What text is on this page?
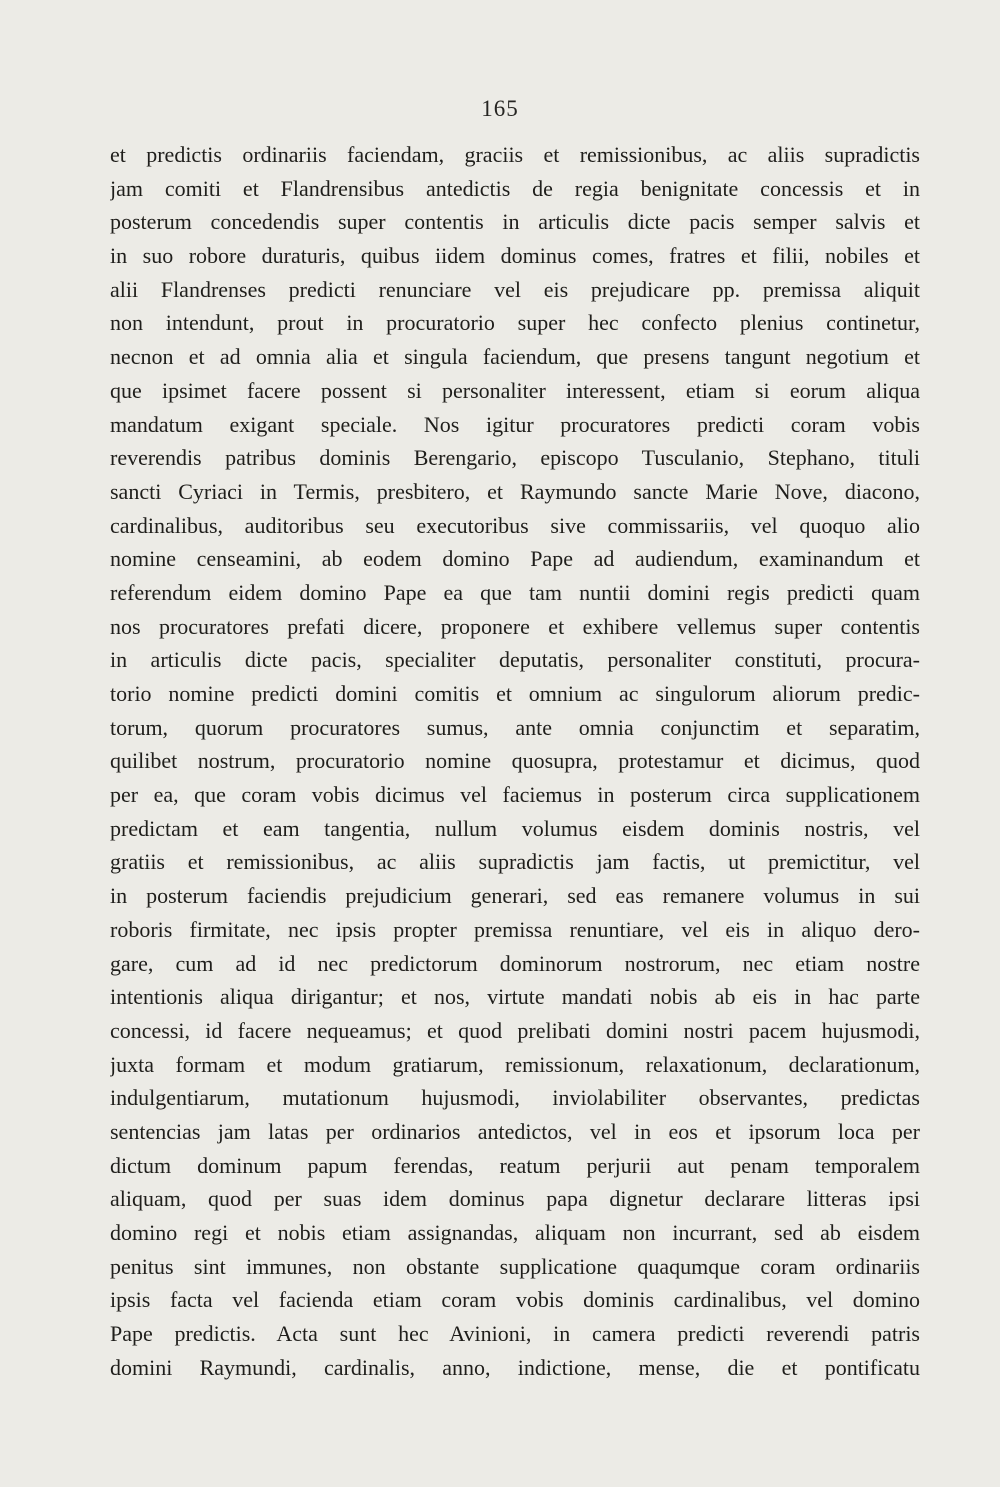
165
et predictis ordinariis faciendam, graciis et remissionibus, ac aliis supradictis
jam comiti et Flandrensibus antedictis de regia benignitate concessis et in
posterum concedendis super contentis in articulis dicte pacis semper salvis et
in suo robore duraturis, quibus iidem dominus comes, fratres et filii, nobiles et
alii Flandrenses predicti renunciare vel eis prejudicare pp. premissa aliquit
non intendunt, prout in procuratorio super hec confecto plenius continetur,
necnon et ad omnia alia et singula faciendum, que presens tangunt negotium et
que ipsimet facere possent si personaliter interessent, etiam si eorum aliqua
mandatum exigant speciale. Nos igitur procuratores predicti coram vobis
reverendis patribus dominis Berengario, episcopo Tusculanio, Stephano, tituli
sancti Cyriaci in Termis, presbitero, et Raymundo sancte Marie Nove, diacono,
cardinalibus, auditoribus seu executoribus sive commissariis, vel quoquo alio
nomine censeamini, ab eodem domino Pape ad audiendum, examinandum et
referendum eidem domino Pape ea que tam nuntii domini regis predicti quam
nos procuratores prefati dicere, proponere et exhibere vellemus super contentis
in articulis dicte pacis, specialiter deputatis, personaliter constituti, procura-
torio nomine predicti domini comitis et omnium ac singulorum aliorum predic-
torum, quorum procuratores sumus, ante omnia conjunctim et separatim,
quilibet nostrum, procuratorio nomine quosupra, protestamur et dicimus, quod
per ea, que coram vobis dicimus vel faciemus in posterum circa supplicationem
predictam et eam tangentia, nullum volumus eisdem dominis nostris, vel
gratiis et remissionibus, ac aliis supradictis jam factis, ut premictitur, vel
in posterum faciendis prejudicium generari, sed eas remanere volumus in sui
roboris firmitate, nec ipsis propter premissa renuntiare, vel eis in aliquo dero-
gare, cum ad id nec predictorum dominorum nostrorum, nec etiam nostre
intentionis aliqua dirigantur; et nos, virtute mandati nobis ab eis in hac parte
concessi, id facere nequeamus; et quod prelibati domini nostri pacem hujusmodi,
juxta formam et modum gratiarum, remissionum, relaxationum, declarationum,
indulgentiarum, mutationum hujusmodi, inviolabiliter observantes, predictas
sentencias jam latas per ordinarios antedictos, vel in eos et ipsorum loca per
dictum dominum papum ferendas, reatum perjurii aut penam temporalem
aliquam, quod per suas idem dominus papa dignetur declarare litteras ipsi
domino regi et nobis etiam assignandas, aliquam non incurrant, sed ab eisdem
penitus sint immunes, non obstante supplicatione quaqumque coram ordinariis
ipsis facta vel facienda etiam coram vobis dominis cardinalibus, vel domino
Pape predictis. Acta sunt hec Avinioni, in camera predicti reverendi patris
domini Raymundi, cardinalis, anno, indictione, mense, die et pontificatu
